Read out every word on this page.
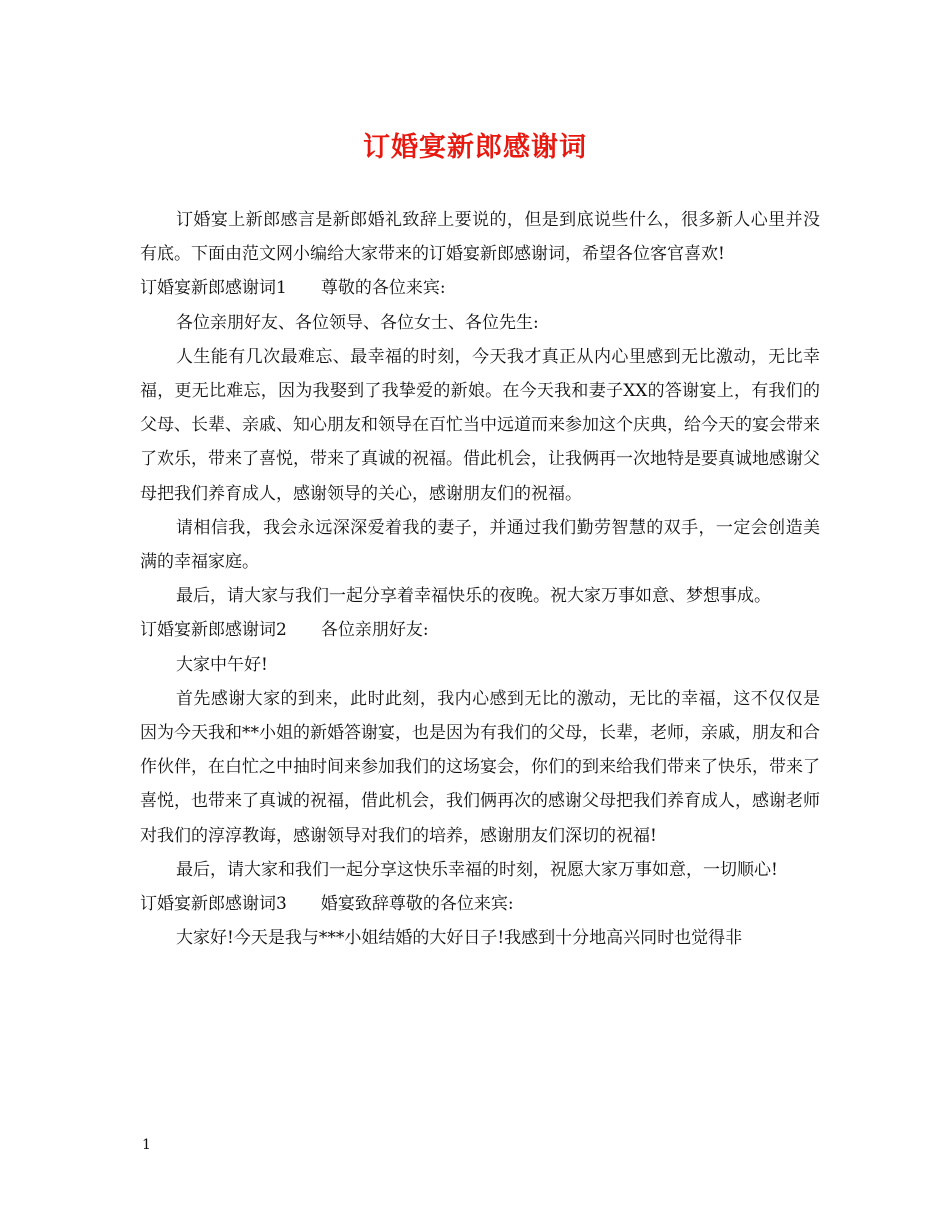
订婚宴新郎感谢词

订婚宴上新郎感言是新郎婚礼致辞上要说的，但是到底说些什么，很多新人心里并没有底。下面由范文网小编给大家带来的订婚宴新郎感谢词，希望各位客官喜欢!

订婚宴新郎感谢词1 尊敬的各位来宾:

各位亲朋好友、各位领导、各位女士、各位先生:

人生能有几次最难忘、最幸福的时刻，今天我才真正从内心里感到无比激动，无比幸福，更无比难忘，因为我娶到了我挚爱的新娘。在今天我和妻子XX的答谢宴上，有我们的父母、长辈、亲戚、知心朋友和领导在百忙当中远道而来参加这个庆典，给今天的宴会带来了欢乐，带来了喜悦，带来了真诚的祝福。借此机会，让我俩再一次地特是要真诚地感谢父母把我们养育成人，感谢领导的关心，感谢朋友们的祝福。

请相信我，我会永远深深爱着我的妻子，并通过我们勤劳智慧的双手，一定会创造美满的幸福家庭。

最后，请大家与我们一起分享着幸福快乐的夜晚。祝大家万事如意、梦想事成。

订婚宴新郎感谢词2 各位亲朋好友:

大家中午好!

首先感谢大家的到来，此时此刻，我内心感到无比的激动，无比的幸福，这不仅仅是因为今天我和**小姐的新婚答谢宴，也是因为有我们的父母，长辈，老师，亲戚，朋友和合作伙伴，在白忙之中抽时间来参加我们的这场宴会，你们的到来给我们带来了快乐，带来了喜悦，也带来了真诚的祝福，借此机会，我们俩再次的感谢父母把我们养育成人，感谢老师对我们的淳淳教诲，感谢领导对我们的培养，感谢朋友们深切的祝福!

最后，请大家和我们一起分享这快乐幸福的时刻，祝愿大家万事如意，一切顺心!

订婚宴新郎感谢词3 婚宴致辞尊敬的各位来宾:

大家好!今天是我与***小姐结婚的大好日子!我感到十分地高兴同时也觉得非

1
